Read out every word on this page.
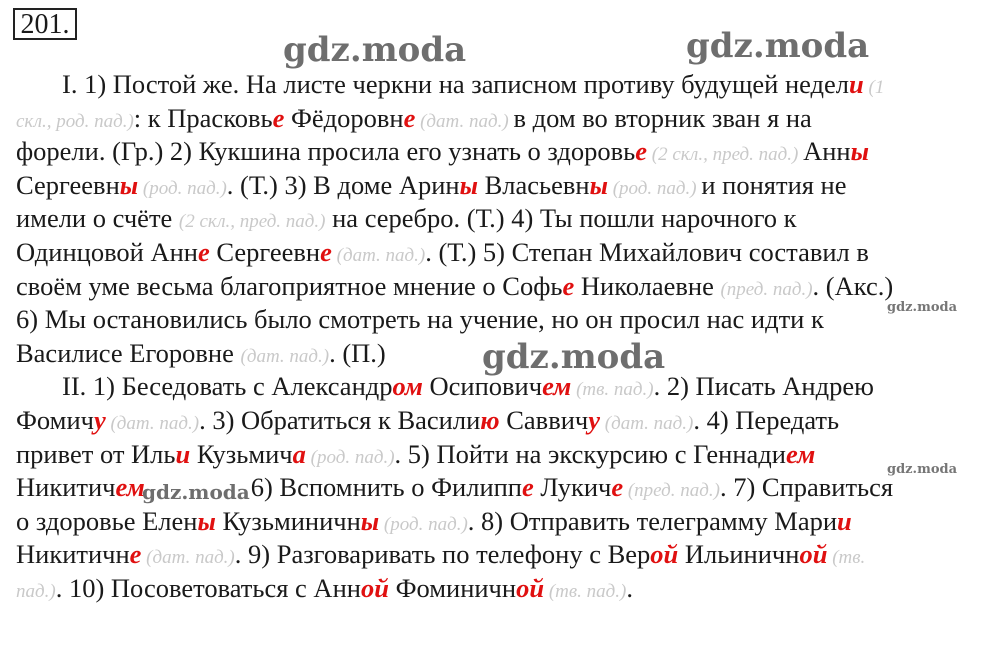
201.
gdz.moda	gdz.moda
gdz.moda
gdz.moda
gdz.moda
gdz.moda
I. 1) Постой же. На листе черкни на записном противу будущей недели (1
скл., род. пад.): к Прасковье Фёдоровне (дат. пад.) в дом во вторник зван я на
форели. (Гр.) 2) Кукшина просила его узнать о здоровье (2 скл., пред. пад.) Анны
Сергеевны (род. пад.). (Т.) 3) В доме Арины Власьевны (род. пад.) и понятия не
имели о счёте (2 скл., пред. пад.) на серебро. (Т.) 4) Ты пошли нарочного к
Одинцовой Анне Сергеевне (дат. пад.). (Т.) 5) Степан Михайлович составил в
своём уме весьма благоприятное мнение о Софье Николаевне (пред. пад.). (Акс.)
6) Мы остановились было смотреть на учение, но он просил нас идти к
Василисе Егоровне (дат. пад.). (П.)
II. 1) Беседовать с Александром Осиповичем (тв. пад.). 2) Писать Андрею
Фомичу (дат. пад.). 3) Обратиться к Василию Саввичу (дат. пад.). 4) Передать
привет от Ильи Кузьмича (род. пад.). 5) Пойти на экскурсию с Геннадием
Никитичем	6) Вспомнить о Филиппе Лукиче (пред. пад.). 7) Справиться
о здоровье Елены Кузьминичны (род. пад.). 8) Отправить телеграмму Марии
Никитичне (дат. пад.). 9) Разговаривать по телефону с Верой Ильиничной (тв.
пад.). 10) Посоветоваться с Анной Фоминичной (тв. пад.).
